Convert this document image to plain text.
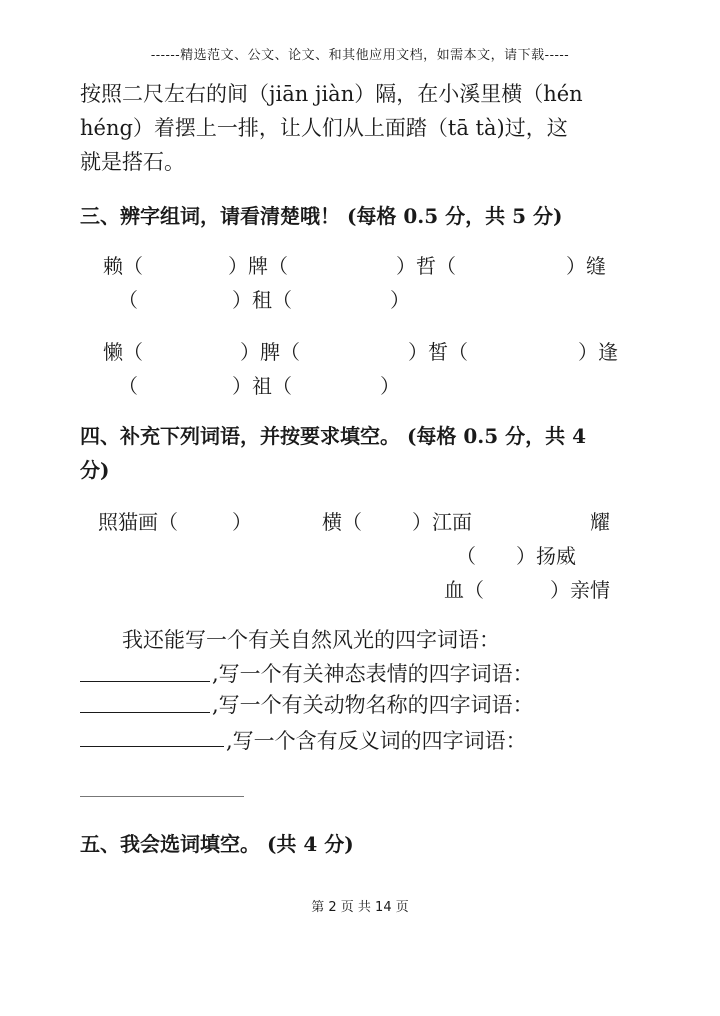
------精选范文、公文、论文、和其他应用文档，如需本文，请下载-----
按照二尺左右的间（jiān jiàn）隔，在小溪里横（hén
héng）着摆上一排，让人们从上面踏（tā tà)过，这
就是搭石。
三、辨字组词，请看清楚哦！ (每格 0.5 分，共 5 分)
赖（	）牌（	）哲（	）缝
（	）租（	）
懒（	）脾（	）皙（	）逢
（	）祖（	）
四、补充下列词语，并按要求填空。 (每格 0.5 分，共 4
分)
照猫画（	）	横（	）江面	耀
（ ）扬威
血（	）亲情
我还能写一个有关自然风光的四字词语：
,写一个有关神态表情的四字词语：
,写一个有关动物名称的四字词语：
,写一个含有反义词的四字词语：
五、我会选词填空。 (共 4 分)
第 2 页 共 14 页
